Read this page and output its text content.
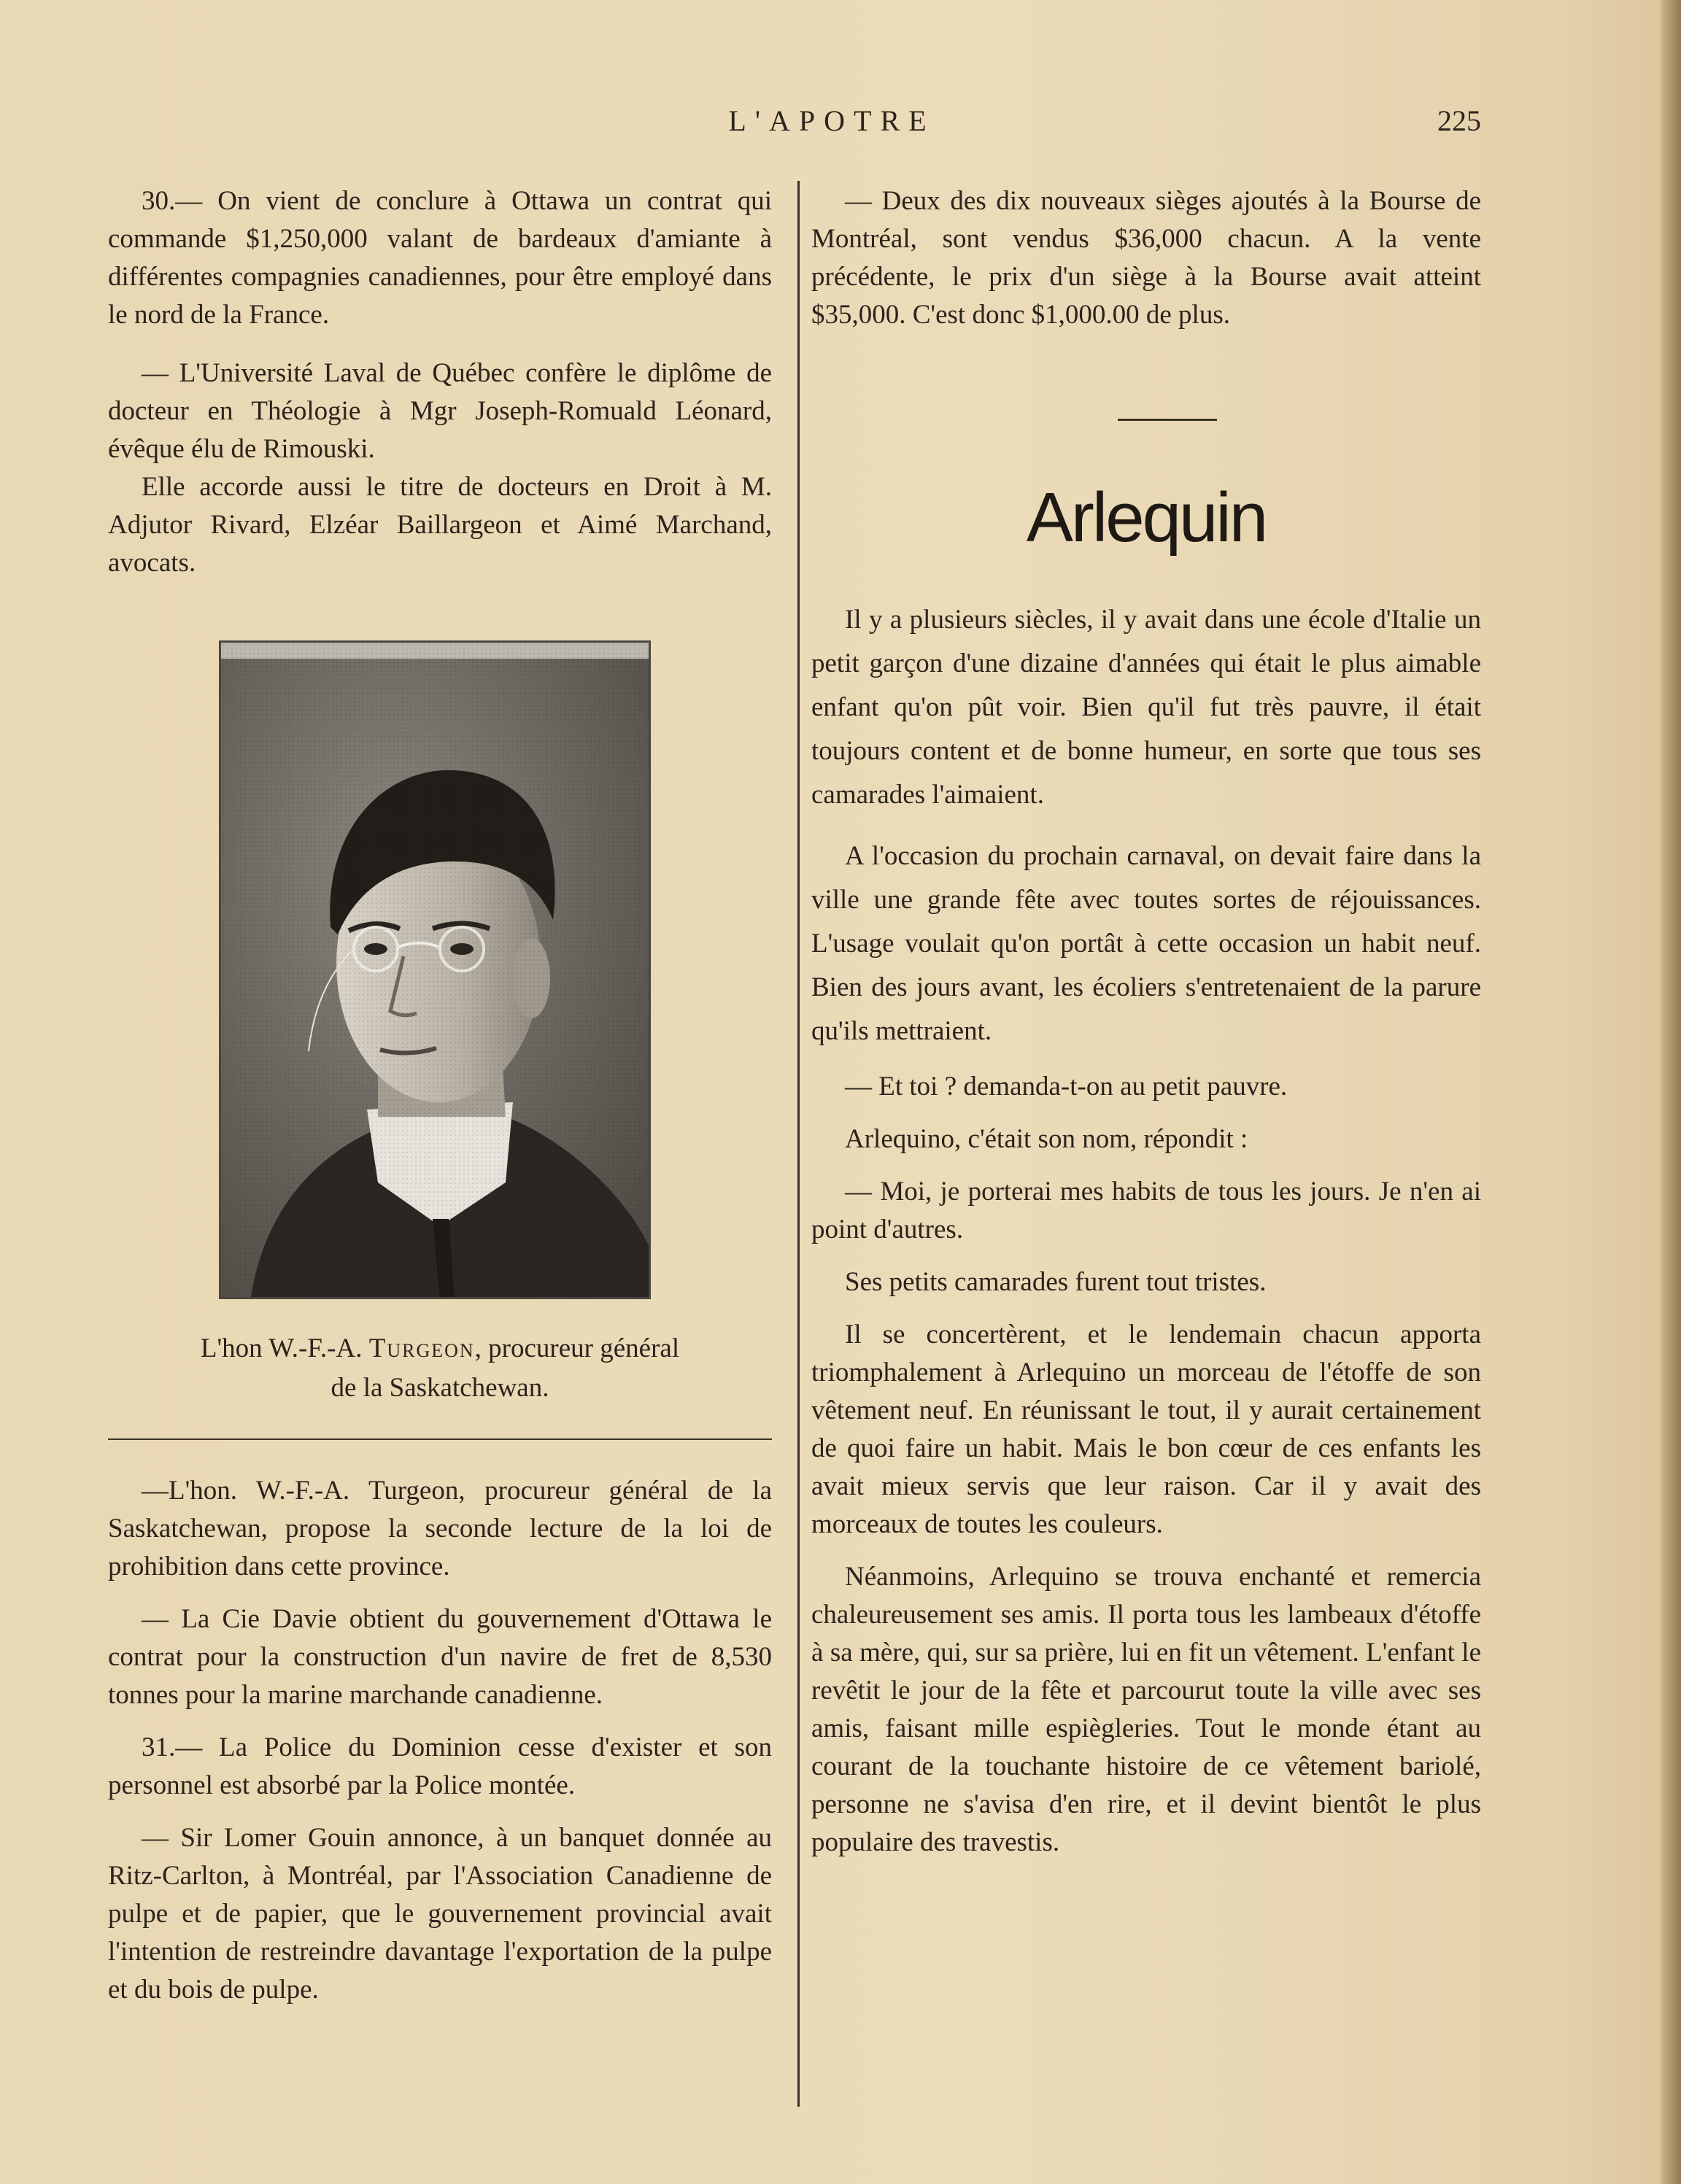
L'APOTRE	225

30.— On vient de conclure à Ottawa un contrat qui commande $1,250,000 valant de bardeaux d'amiante à différentes compagnies canadiennes, pour être employé dans le nord de la France.

— L'Université Laval de Québec confère le diplôme de docteur en Théologie à Mgr Joseph-Romuald Léonard, évêque élu de Rimouski.

Elle accorde aussi le titre de docteurs en Droit à M. Adjutor Rivard, Elzéar Baillargeon et Aimé Marchand, avocats.

L'hon W.-F.-A. Turgeon, procureur général
de la Saskatchewan.

—L'hon. W.-F.-A. Turgeon, procureur général de la Saskatchewan, propose la seconde lecture de la loi de prohibition dans cette province.

— La Cie Davie obtient du gouvernement d'Ottawa le contrat pour la construction d'un navire de fret de 8,530 tonnes pour la marine marchande canadienne.

31.— La Police du Dominion cesse d'exister et son personnel est absorbé par la Police montée.

— Sir Lomer Gouin annonce, à un banquet donnée au Ritz-Carlton, à Montréal, par l'Association Canadienne de pulpe et de papier, que le gouvernement provincial avait l'intention de restreindre davantage l'exportation de la pulpe et du bois de pulpe.

— Deux des dix nouveaux sièges ajoutés à la Bourse de Montréal, sont vendus $36,000 chacun. A la vente précédente, le prix d'un siège à la Bourse avait atteint $35,000. C'est donc $1,000.00 de plus.

Arlequin

Il y a plusieurs siècles, il y avait dans une école d'Italie un petit garçon d'une dizaine d'années qui était le plus aimable enfant qu'on pût voir. Bien qu'il fut très pauvre, il était toujours content et de bonne humeur, en sorte que tous ses camarades l'aimaient.

A l'occasion du prochain carnaval, on devait faire dans la ville une grande fête avec toutes sortes de réjouissances. L'usage voulait qu'on portât à cette occasion un habit neuf. Bien des jours avant, les écoliers s'entretenaient de la parure qu'ils mettraient.

— Et toi ? demanda-t-on au petit pauvre.

Arlequino, c'était son nom, répondit :

— Moi, je porterai mes habits de tous les jours. Je n'en ai point d'autres.

Ses petits camarades furent tout tristes.

Il se concertèrent, et le lendemain chacun apporta triomphalement à Arlequino un morceau de l'étoffe de son vêtement neuf. En réunissant le tout, il y aurait certainement de quoi faire un habit. Mais le bon cœur de ces enfants les avait mieux servis que leur raison. Car il y avait des morceaux de toutes les couleurs.

Néanmoins, Arlequino se trouva enchanté et remercia chaleureusement ses amis. Il porta tous les lambeaux d'étoffe à sa mère, qui, sur sa prière, lui en fit un vêtement. L'enfant le revêtit le jour de la fête et parcourut toute la ville avec ses amis, faisant mille espiègleries. Tout le monde étant au courant de la touchante histoire de ce vêtement bariolé, personne ne s'avisa d'en rire, et il devint bientôt le plus populaire des travestis.
